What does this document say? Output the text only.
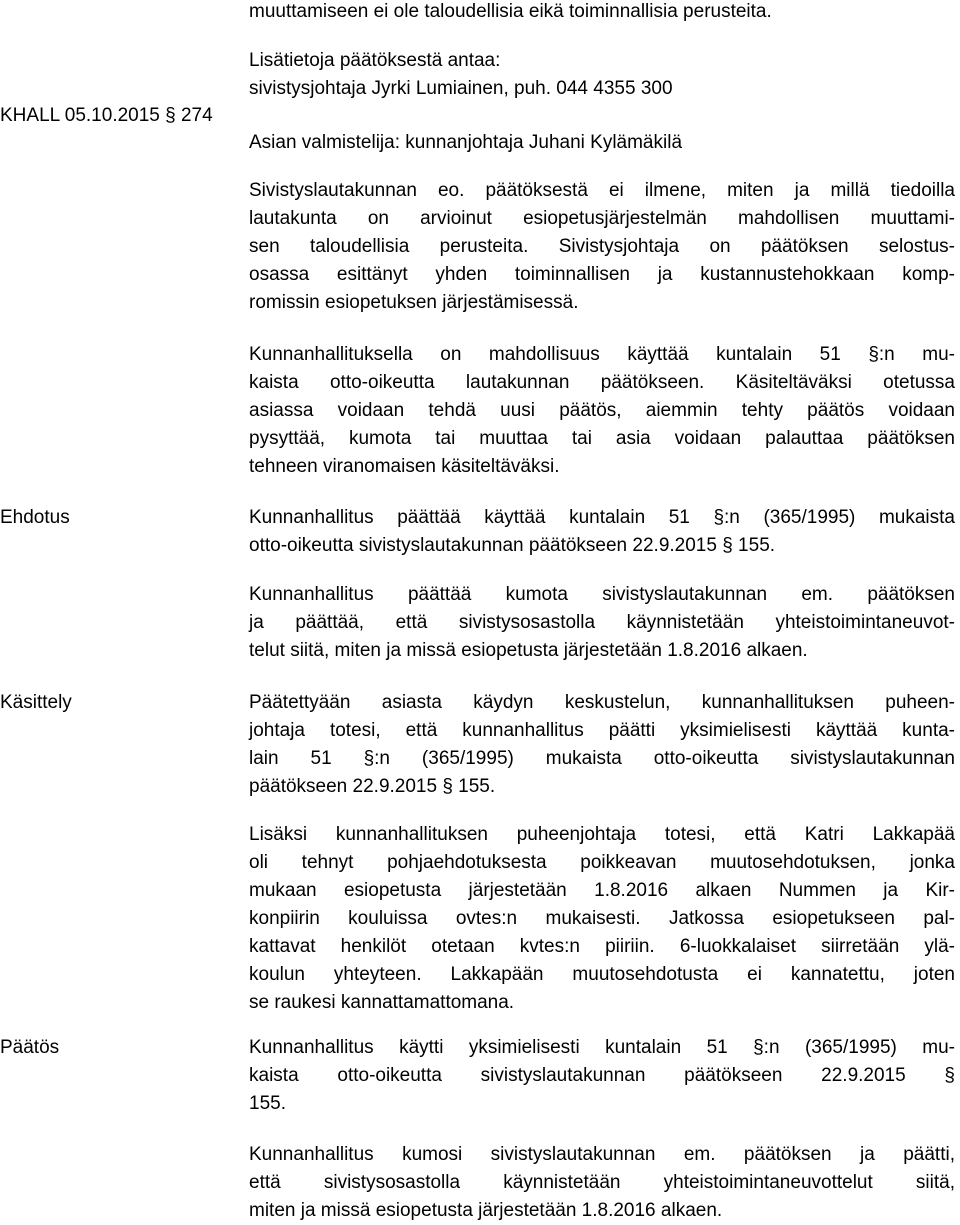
muuttamiseen ei ole taloudellisia eikä toiminnallisia perusteita.
Lisätietoja päätöksestä antaa:
sivistysjohtaja Jyrki Lumiainen, puh. 044 4355 300
KHALL 05.10.2015 § 274
Asian valmistelija: kunnanjohtaja Juhani Kylämäkilä
Sivistyslautakunnan eo. päätöksestä ei ilmene, miten ja millä tiedoilla
lautakunta on arvioinut esiopetusjärjestelmän mahdollisen muuttami-
sen taloudellisia perusteita. Sivistysjohtaja on päätöksen selostus-
osassa esittänyt yhden toiminnallisen ja kustannustehokkaan komp-
romissin esiopetuksen järjestämisessä.
Kunnanhallituksella on mahdollisuus käyttää kuntalain 51 §:n mu-
kaista otto-oikeutta lautakunnan päätökseen. Käsiteltäväksi otetussa
asiassa voidaan tehdä uusi päätös, aiemmin tehty päätös voidaan
pysyttää, kumota tai muuttaa tai asia voidaan palauttaa päätöksen
tehneen viranomaisen käsiteltäväksi.
Ehdotus	Kunnanhallitus päättää käyttää kuntalain 51 §:n (365/1995) mukaista
otto-oikeutta sivistyslautakunnan päätökseen 22.9.2015 § 155.
Kunnanhallitus päättää kumota sivistyslautakunnan em. päätöksen
ja päättää, että sivistysosastolla käynnistetään yhteistoimintaneuvot-
telut siitä, miten ja missä esiopetusta järjestetään 1.8.2016 alkaen.
Käsittely	Päätettyään asiasta käydyn keskustelun, kunnanhallituksen puheen-
johtaja totesi, että kunnanhallitus päätti yksimielisesti käyttää kunta-
lain 51 §:n (365/1995) mukaista otto-oikeutta sivistyslautakunnan
päätökseen 22.9.2015 § 155.
Lisäksi kunnanhallituksen puheenjohtaja totesi, että Katri Lakkapää
oli tehnyt pohjaehdotuksesta poikkeavan muutosehdotuksen, jonka
mukaan esiopetusta järjestetään 1.8.2016 alkaen Nummen ja Kir-
konpiirin kouluissa ovtes:n mukaisesti. Jatkossa esiopetukseen pal-
kattavat henkilöt otetaan kvtes:n piiriin. 6-luokkalaiset siirretään ylä-
koulun yhteyteen. Lakkapään muutosehdotusta ei kannatettu, joten
se raukesi kannattamattomana.
Päätös	Kunnanhallitus käytti yksimielisesti kuntalain 51 §:n (365/1995) mu-
kaista otto-oikeutta sivistyslautakunnan päätökseen 22.9.2015 §
155.
Kunnanhallitus kumosi sivistyslautakunnan em. päätöksen ja päätti,
että sivistysosastolla käynnistetään yhteistoimintaneuvottelut siitä,
miten ja missä esiopetusta järjestetään 1.8.2016 alkaen.
